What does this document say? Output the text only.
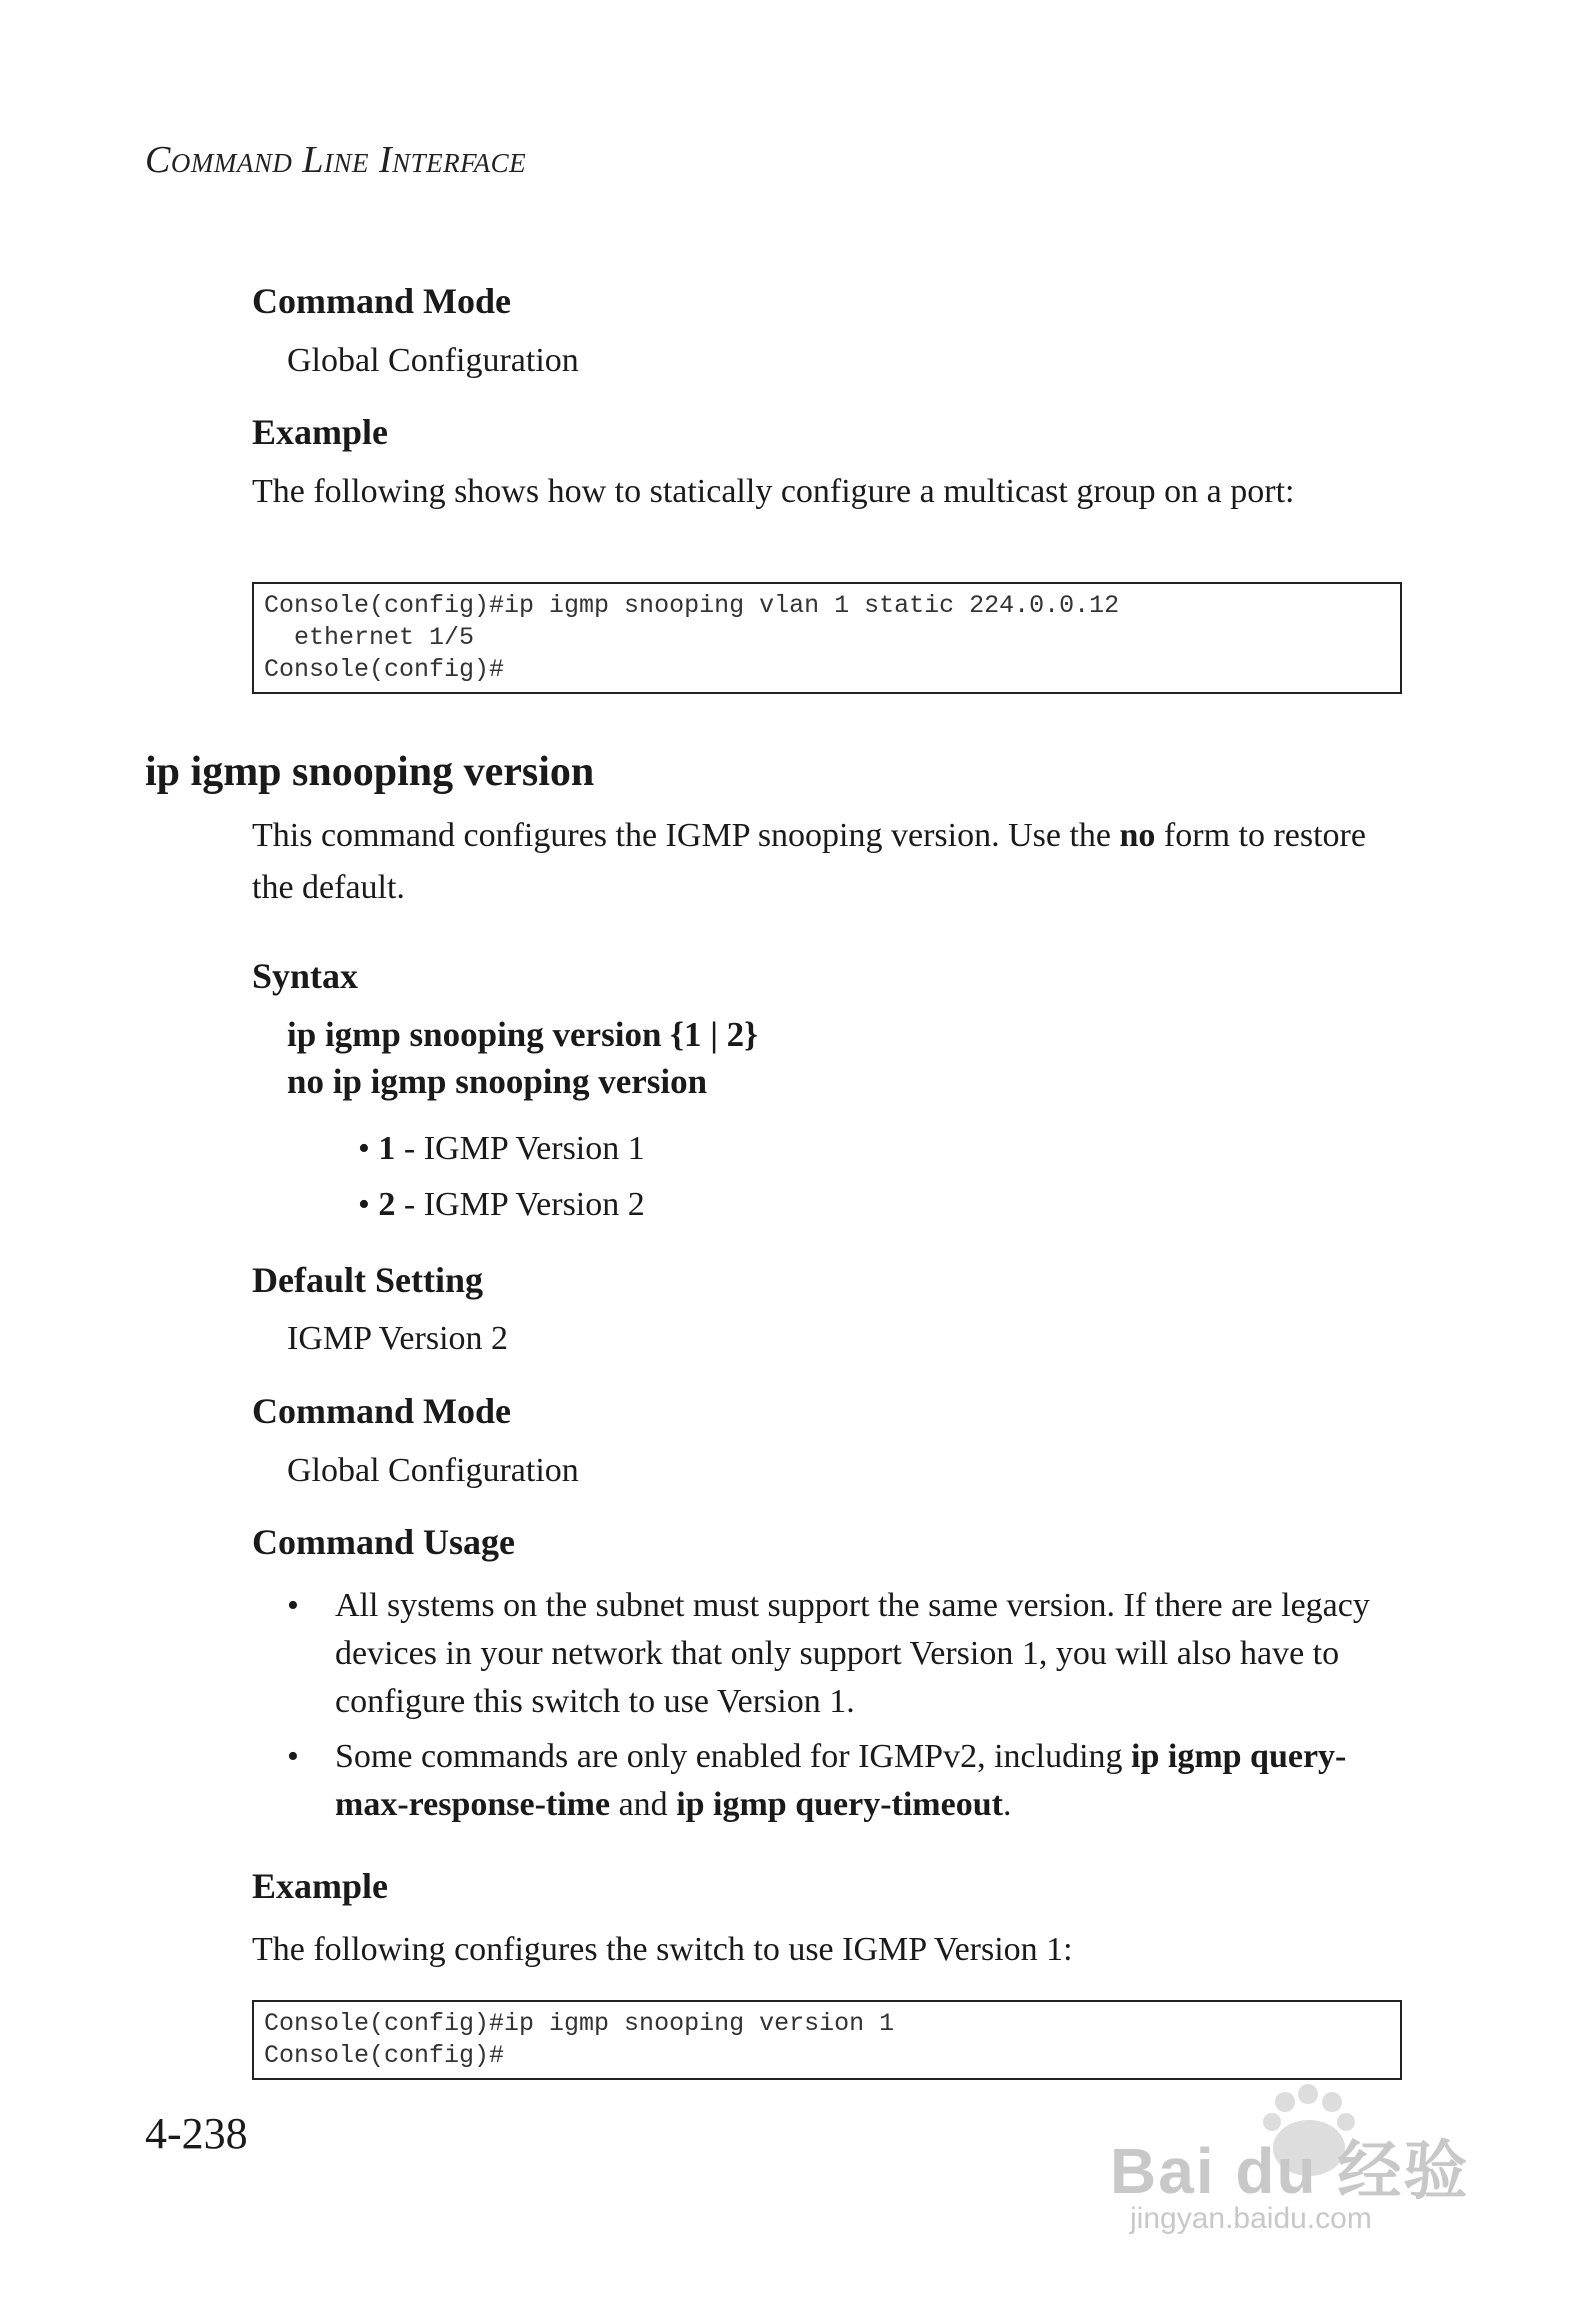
Command Line Interface
Command Mode
Global Configuration
Example
The following shows how to statically configure a multicast group on a port:
Console(config)#ip igmp snooping vlan 1 static 224.0.0.12
ethernet 1/5
Console(config)#
ip igmp snooping version
This command configures the IGMP snooping version. Use the no form to restore the default.
Syntax
ip igmp snooping version {1 | 2}
no ip igmp snooping version
• 1 - IGMP Version 1
• 2 - IGMP Version 2
Default Setting
IGMP Version 2
Command Mode
Global Configuration
Command Usage
• All systems on the subnet must support the same version. If there are legacy devices in your network that only support Version 1, you will also have to configure this switch to use Version 1.
• Some commands are only enabled for IGMPv2, including ip igmp query-max-response-time and ip igmp query-timeout.
Example
The following configures the switch to use IGMP Version 1:
Console(config)#ip igmp snooping version 1
Console(config)#
4-238
Bai du 经验
jingyan.baidu.com
